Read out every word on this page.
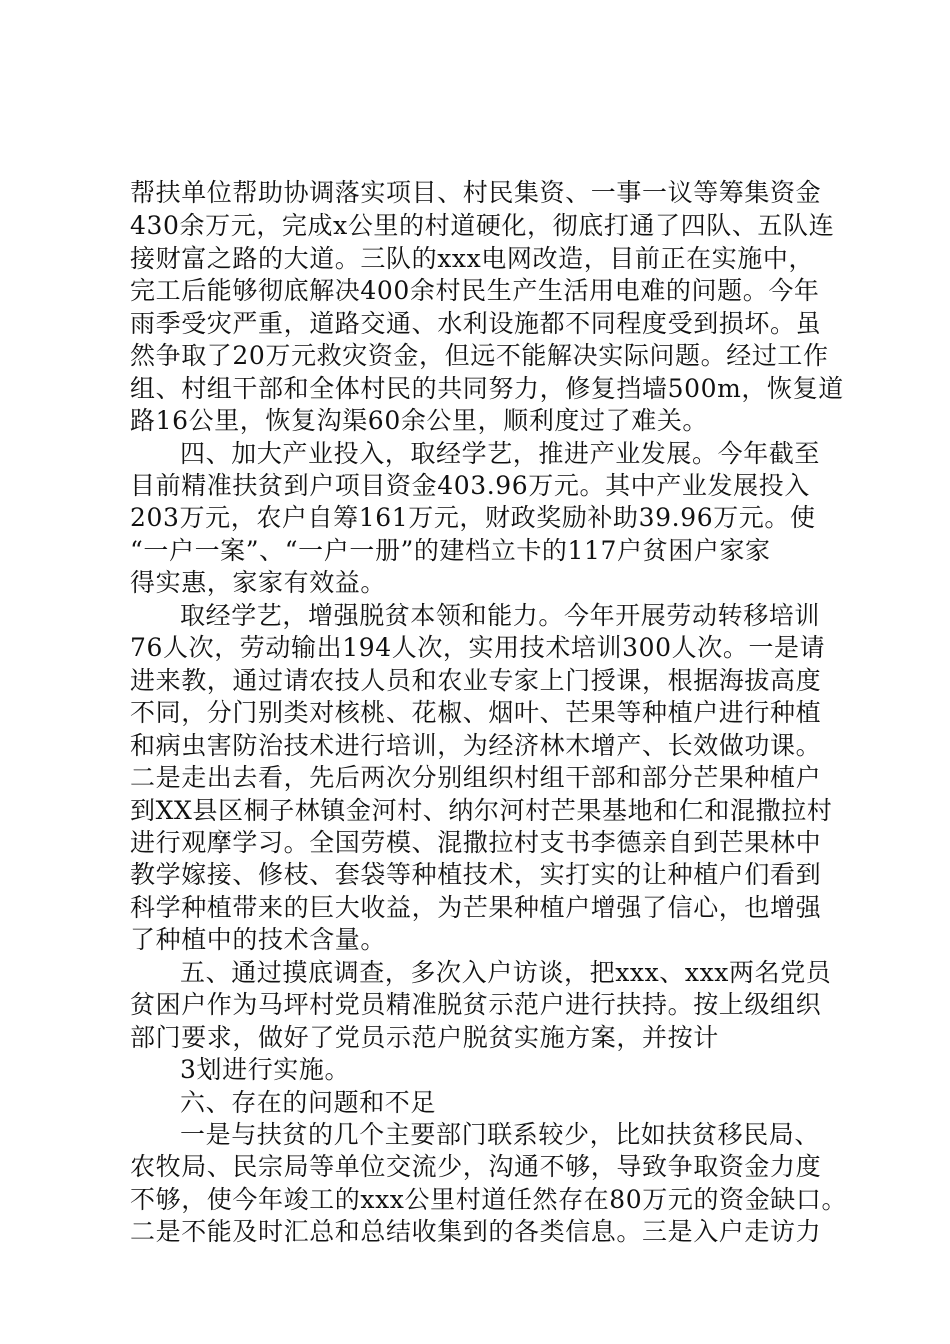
帮扶单位帮助协调落实项目、村民集资、一事一议等筹集资金
430余万元，完成x公里的村道硬化，彻底打通了四队、五队连
接财富之路的大道。三队的xxx电网改造，目前正在实施中，
完工后能够彻底解决400余村民生产生活用电难的问题。今年
雨季受灾严重，道路交通、水利设施都不同程度受到损坏。虽
然争取了20万元救灾资金，但远不能解决实际问题。经过工作
组、村组干部和全体村民的共同努力，修复挡墙500m，恢复道
路16公里，恢复沟渠60余公里，顺利度过了难关。
四、加大产业投入，取经学艺，推进产业发展。今年截至
目前精准扶贫到户项目资金403.96万元。其中产业发展投入
203万元，农户自筹161万元，财政奖励补助39.96万元。使
“一户一案”、“一户一册”的建档立卡的117户贫困户家家
得实惠，家家有效益。
取经学艺，增强脱贫本领和能力。今年开展劳动转移培训
76人次，劳动输出194人次，实用技术培训300人次。一是请
进来教，通过请农技人员和农业专家上门授课，根据海拔高度
不同，分门别类对核桃、花椒、烟叶、芒果等种植户进行种植
和病虫害防治技术进行培训，为经济林木增产、长效做功课。
二是走出去看，先后两次分别组织村组干部和部分芒果种植户
到XX县区桐子林镇金河村、纳尔河村芒果基地和仁和混撒拉村
进行观摩学习。全国劳模、混撒拉村支书李德亲自到芒果林中
教学嫁接、修枝、套袋等种植技术，实打实的让种植户们看到
科学种植带来的巨大收益，为芒果种植户增强了信心，也增强
了种植中的技术含量。
五、通过摸底调查，多次入户访谈，把xxx、xxx两名党员
贫困户作为马坪村党员精准脱贫示范户进行扶持。按上级组织
部门要求，做好了党员示范户脱贫实施方案，并按计
3划进行实施。
六、存在的问题和不足
一是与扶贫的几个主要部门联系较少，比如扶贫移民局、
农牧局、民宗局等单位交流少，沟通不够，导致争取资金力度
不够，使今年竣工的xxx公里村道任然存在80万元的资金缺口。
二是不能及时汇总和总结收集到的各类信息。三是入户走访力
